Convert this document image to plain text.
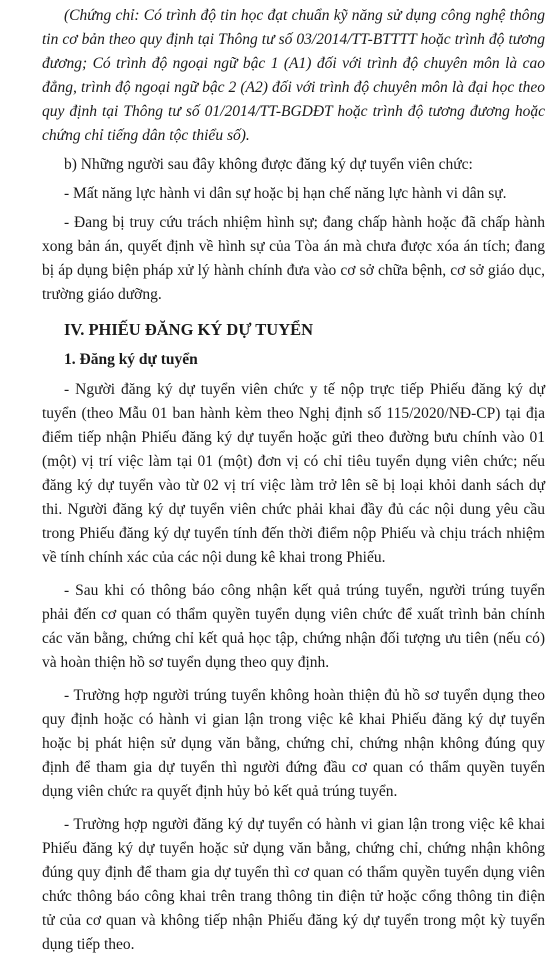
(Chứng chỉ: Có trình độ tin học đạt chuẩn kỹ năng sử dụng công nghệ thông tin cơ bản theo quy định tại Thông tư số 03/2014/TT-BTTTT hoặc trình độ tương đương; Có trình độ ngoại ngữ bậc 1 (A1) đối với trình độ chuyên môn là cao đẳng, trình độ ngoại ngữ bậc 2 (A2) đối với trình độ chuyên môn là đại học theo quy định tại Thông tư số 01/2014/TT-BGDĐT hoặc trình độ tương đương hoặc chứng chỉ tiếng dân tộc thiểu số).

b) Những người sau đây không được đăng ký dự tuyển viên chức:

- Mất năng lực hành vi dân sự hoặc bị hạn chế năng lực hành vi dân sự.

- Đang bị truy cứu trách nhiệm hình sự; đang chấp hành hoặc đã chấp hành xong bản án, quyết định về hình sự của Tòa án mà chưa được xóa án tích; đang bị áp dụng biện pháp xử lý hành chính đưa vào cơ sở chữa bệnh, cơ sở giáo dục, trường giáo dưỡng.

IV. PHIẾU ĐĂNG KÝ DỰ TUYỂN
1. Đăng ký dự tuyển

- Người đăng ký dự tuyển viên chức y tế nộp trực tiếp Phiếu đăng ký dự tuyển (theo Mẫu 01 ban hành kèm theo Nghị định số 115/2020/NĐ-CP) tại địa điểm tiếp nhận Phiếu đăng ký dự tuyển hoặc gửi theo đường bưu chính vào 01 (một) vị trí việc làm tại 01 (một) đơn vị có chỉ tiêu tuyển dụng viên chức; nếu đăng ký dự tuyển vào từ 02 vị trí việc làm trở lên sẽ bị loại khỏi danh sách dự thi. Người đăng ký dự tuyển viên chức phải khai đầy đủ các nội dung yêu cầu trong Phiếu đăng ký dự tuyển tính đến thời điểm nộp Phiếu và chịu trách nhiệm về tính chính xác của các nội dung kê khai trong Phiếu.

- Sau khi có thông báo công nhận kết quả trúng tuyển, người trúng tuyển phải đến cơ quan có thẩm quyền tuyển dụng viên chức để xuất trình bản chính các văn bằng, chứng chỉ kết quả học tập, chứng nhận đối tượng ưu tiên (nếu có) và hoàn thiện hồ sơ tuyển dụng theo quy định.

- Trường hợp người trúng tuyển không hoàn thiện đủ hồ sơ tuyển dụng theo quy định hoặc có hành vi gian lận trong việc kê khai Phiếu đăng ký dự tuyển hoặc bị phát hiện sử dụng văn bằng, chứng chỉ, chứng nhận không đúng quy định để tham gia dự tuyển thì người đứng đầu cơ quan có thẩm quyền tuyển dụng viên chức ra quyết định hủy bỏ kết quả trúng tuyển.

- Trường hợp người đăng ký dự tuyển có hành vi gian lận trong việc kê khai Phiếu đăng ký dự tuyển hoặc sử dụng văn bằng, chứng chỉ, chứng nhận không đúng quy định để tham gia dự tuyển thì cơ quan có thẩm quyền tuyển dụng viên chức thông báo công khai trên trang thông tin điện tử hoặc cổng thông tin điện tử của cơ quan và không tiếp nhận Phiếu đăng ký dự tuyển trong một kỳ tuyển dụng tiếp theo.
